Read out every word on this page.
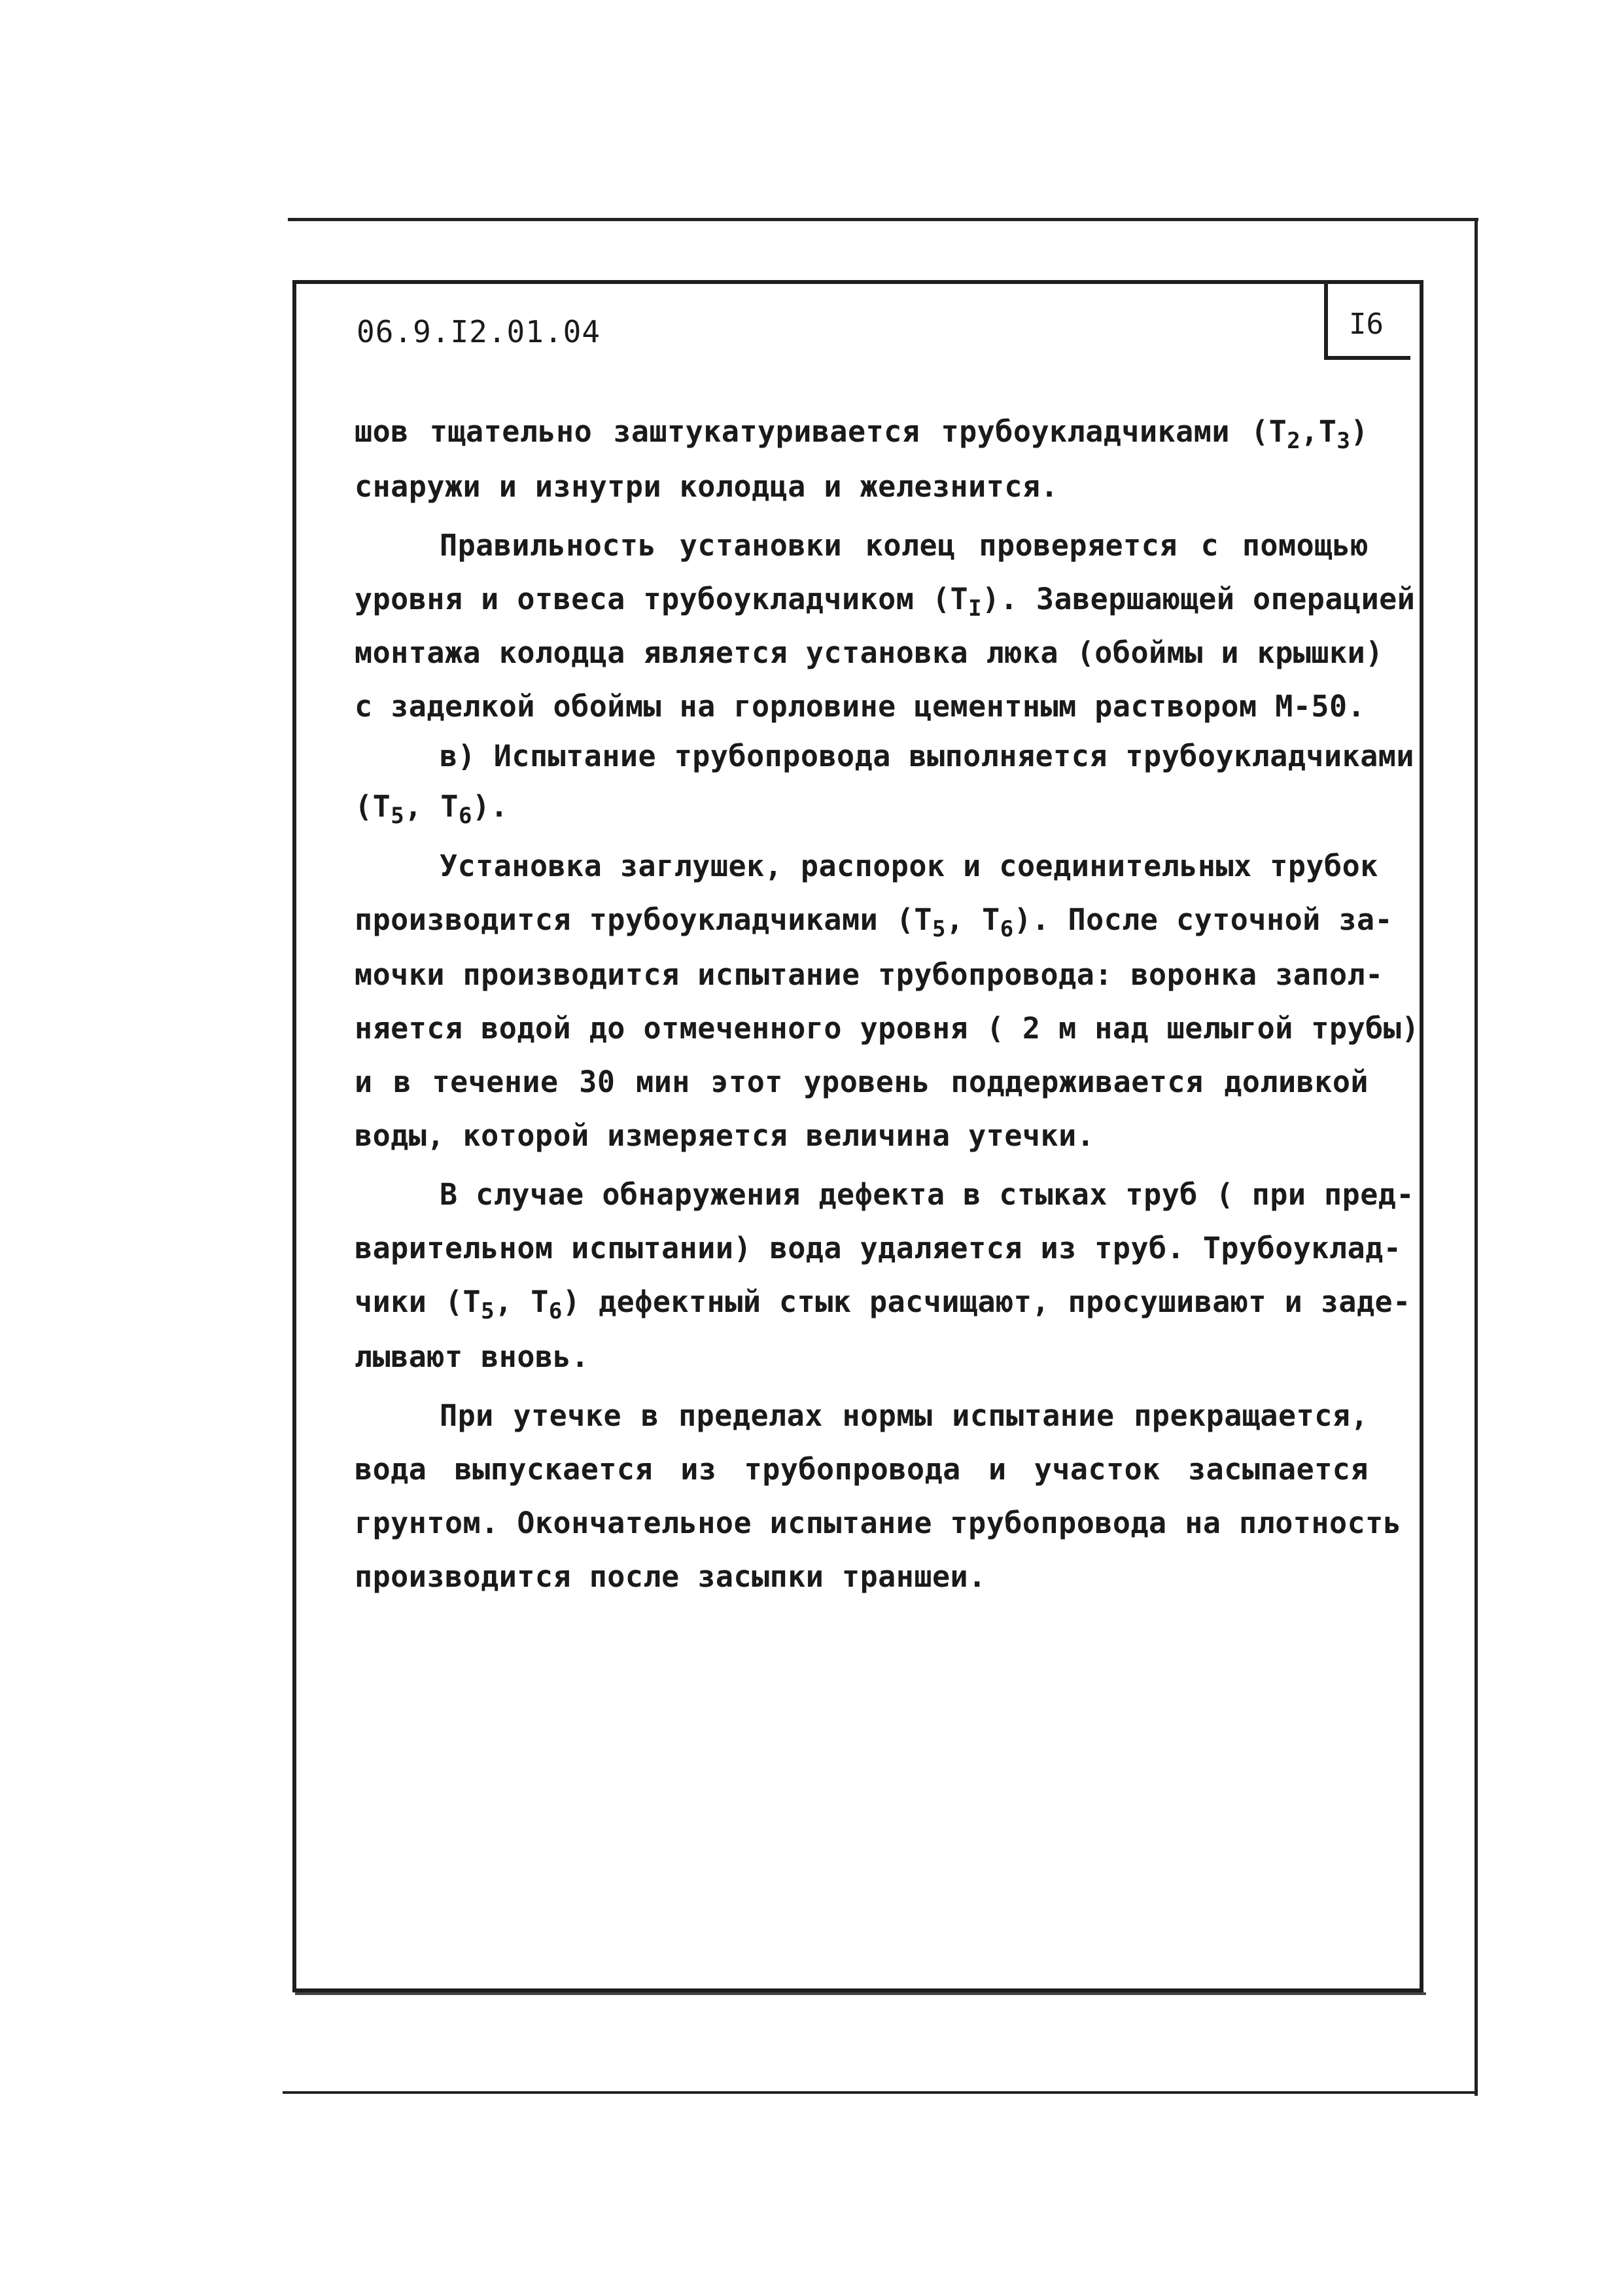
06.9.I2.01.04	I6
шов тщательно заштукатуривается трубоукладчиками $(T_2,T_3)$
снаружи и изнутри колодца и железнится.
Правильность установки колец проверяется с помощью
уровня и отвеса трубоукладчиком $(T_I)$. Завершающей операцией
монтажа колодца является установка люка (обоймы и крышки)
с заделкой обоймы на горловине цементным раствором М-50.
в) Испытание трубопровода выполняется трубоукладчиками
($T_5$, $T_6$).
Установка заглушек, распорок и соединительных трубок
производится трубоукладчиками ($T_5$, $T_6$). После суточной за-
мочки производится испытание трубопровода: воронка запол-
няется водой до отмеченного уровня ( 2 м над шелыгой трубы)
и в течение 30 мин этот уровень поддерживается доливкой
воды, которой измеряется величина утечки.
В случае обнаружения дефекта в стыках труб ( при пред-
варительном испытании) вода удаляется из труб. Трубоуклад-
чики ($T_5$, $T_6$) дефектный стык расчищают, просушивают и заде-
лывают вновь.
При утечке в пределах нормы испытание прекращается,
вода выпускается из трубопровода и участок засыпается
грунтом. Окончательное испытание трубопровода на плотность
производится после засыпки траншеи.
